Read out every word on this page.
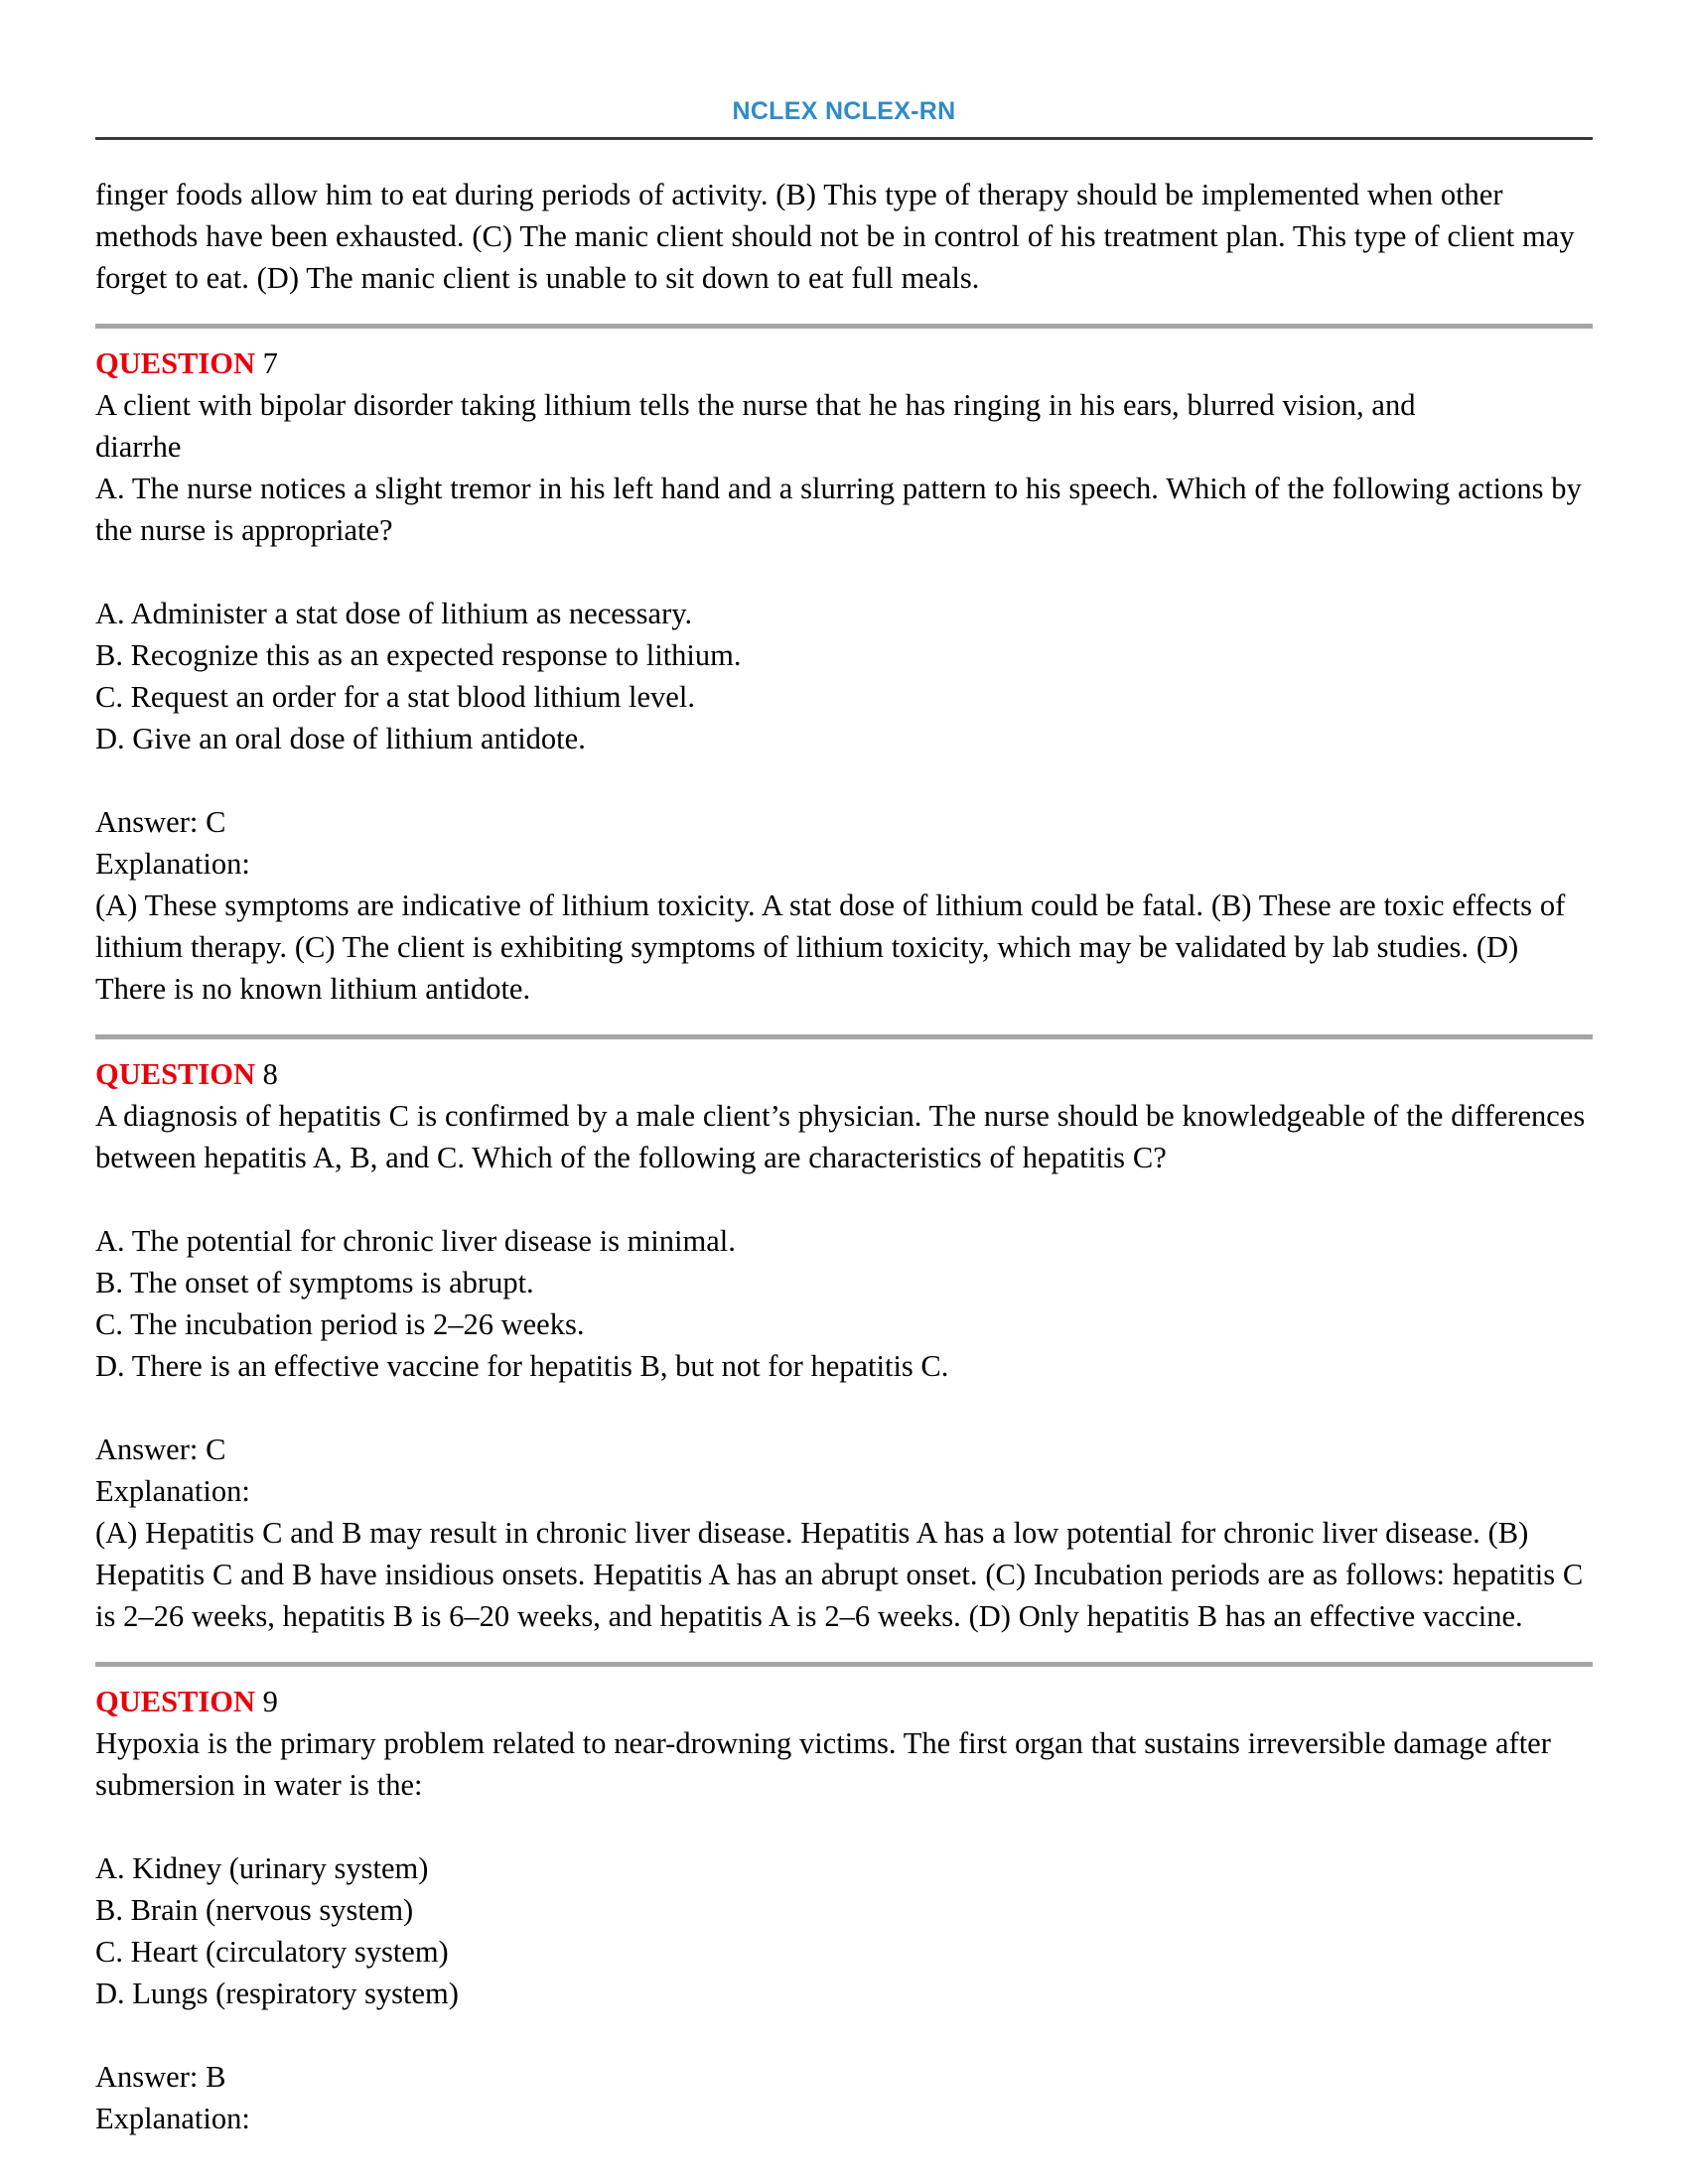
NCLEX NCLEX-RN

finger foods allow him to eat during periods of activity. (B) This type of therapy should be implemented when other methods have been exhausted. (C) The manic client should not be in control of his treatment plan. This type of client may forget to eat. (D) The manic client is unable to sit down to eat full meals.

QUESTION 7

A client with bipolar disorder taking lithium tells the nurse that he has ringing in his ears, blurred vision, and

diarrhe

A. The nurse notices a slight tremor in his left hand and a slurring pattern to his speech. Which of the following actions by the nurse is appropriate?

A. Administer a stat dose of lithium as necessary.

B. Recognize this as an expected response to lithium.

C. Request an order for a stat blood lithium level.

D. Give an oral dose of lithium antidote.

Answer: C

Explanation:

(A) These symptoms are indicative of lithium toxicity. A stat dose of lithium could be fatal. (B) These are toxic effects of lithium therapy. (C) The client is exhibiting symptoms of lithium toxicity, which may be validated by lab studies. (D) There is no known lithium antidote.

QUESTION 8

A diagnosis of hepatitis C is confirmed by a male client’s physician. The nurse should be knowledgeable of the differences between hepatitis A, B, and C. Which of the following are characteristics of hepatitis C?

A. The potential for chronic liver disease is minimal.

B. The onset of symptoms is abrupt.

C. The incubation period is 2–26 weeks.

D. There is an effective vaccine for hepatitis B, but not for hepatitis C.

Answer: C

Explanation:

(A) Hepatitis C and B may result in chronic liver disease. Hepatitis A has a low potential for chronic liver disease. (B) Hepatitis C and B have insidious onsets. Hepatitis A has an abrupt onset. (C) Incubation periods are as follows: hepatitis C is 2–26 weeks, hepatitis B is 6–20 weeks, and hepatitis A is 2–6 weeks. (D) Only hepatitis B has an effective vaccine.

QUESTION 9

Hypoxia is the primary problem related to near-drowning victims. The first organ that sustains irreversible damage after submersion in water is the:

A. Kidney (urinary system)

B. Brain (nervous system)

C. Heart (circulatory system)

D. Lungs (respiratory system)

Answer: B

Explanation:
